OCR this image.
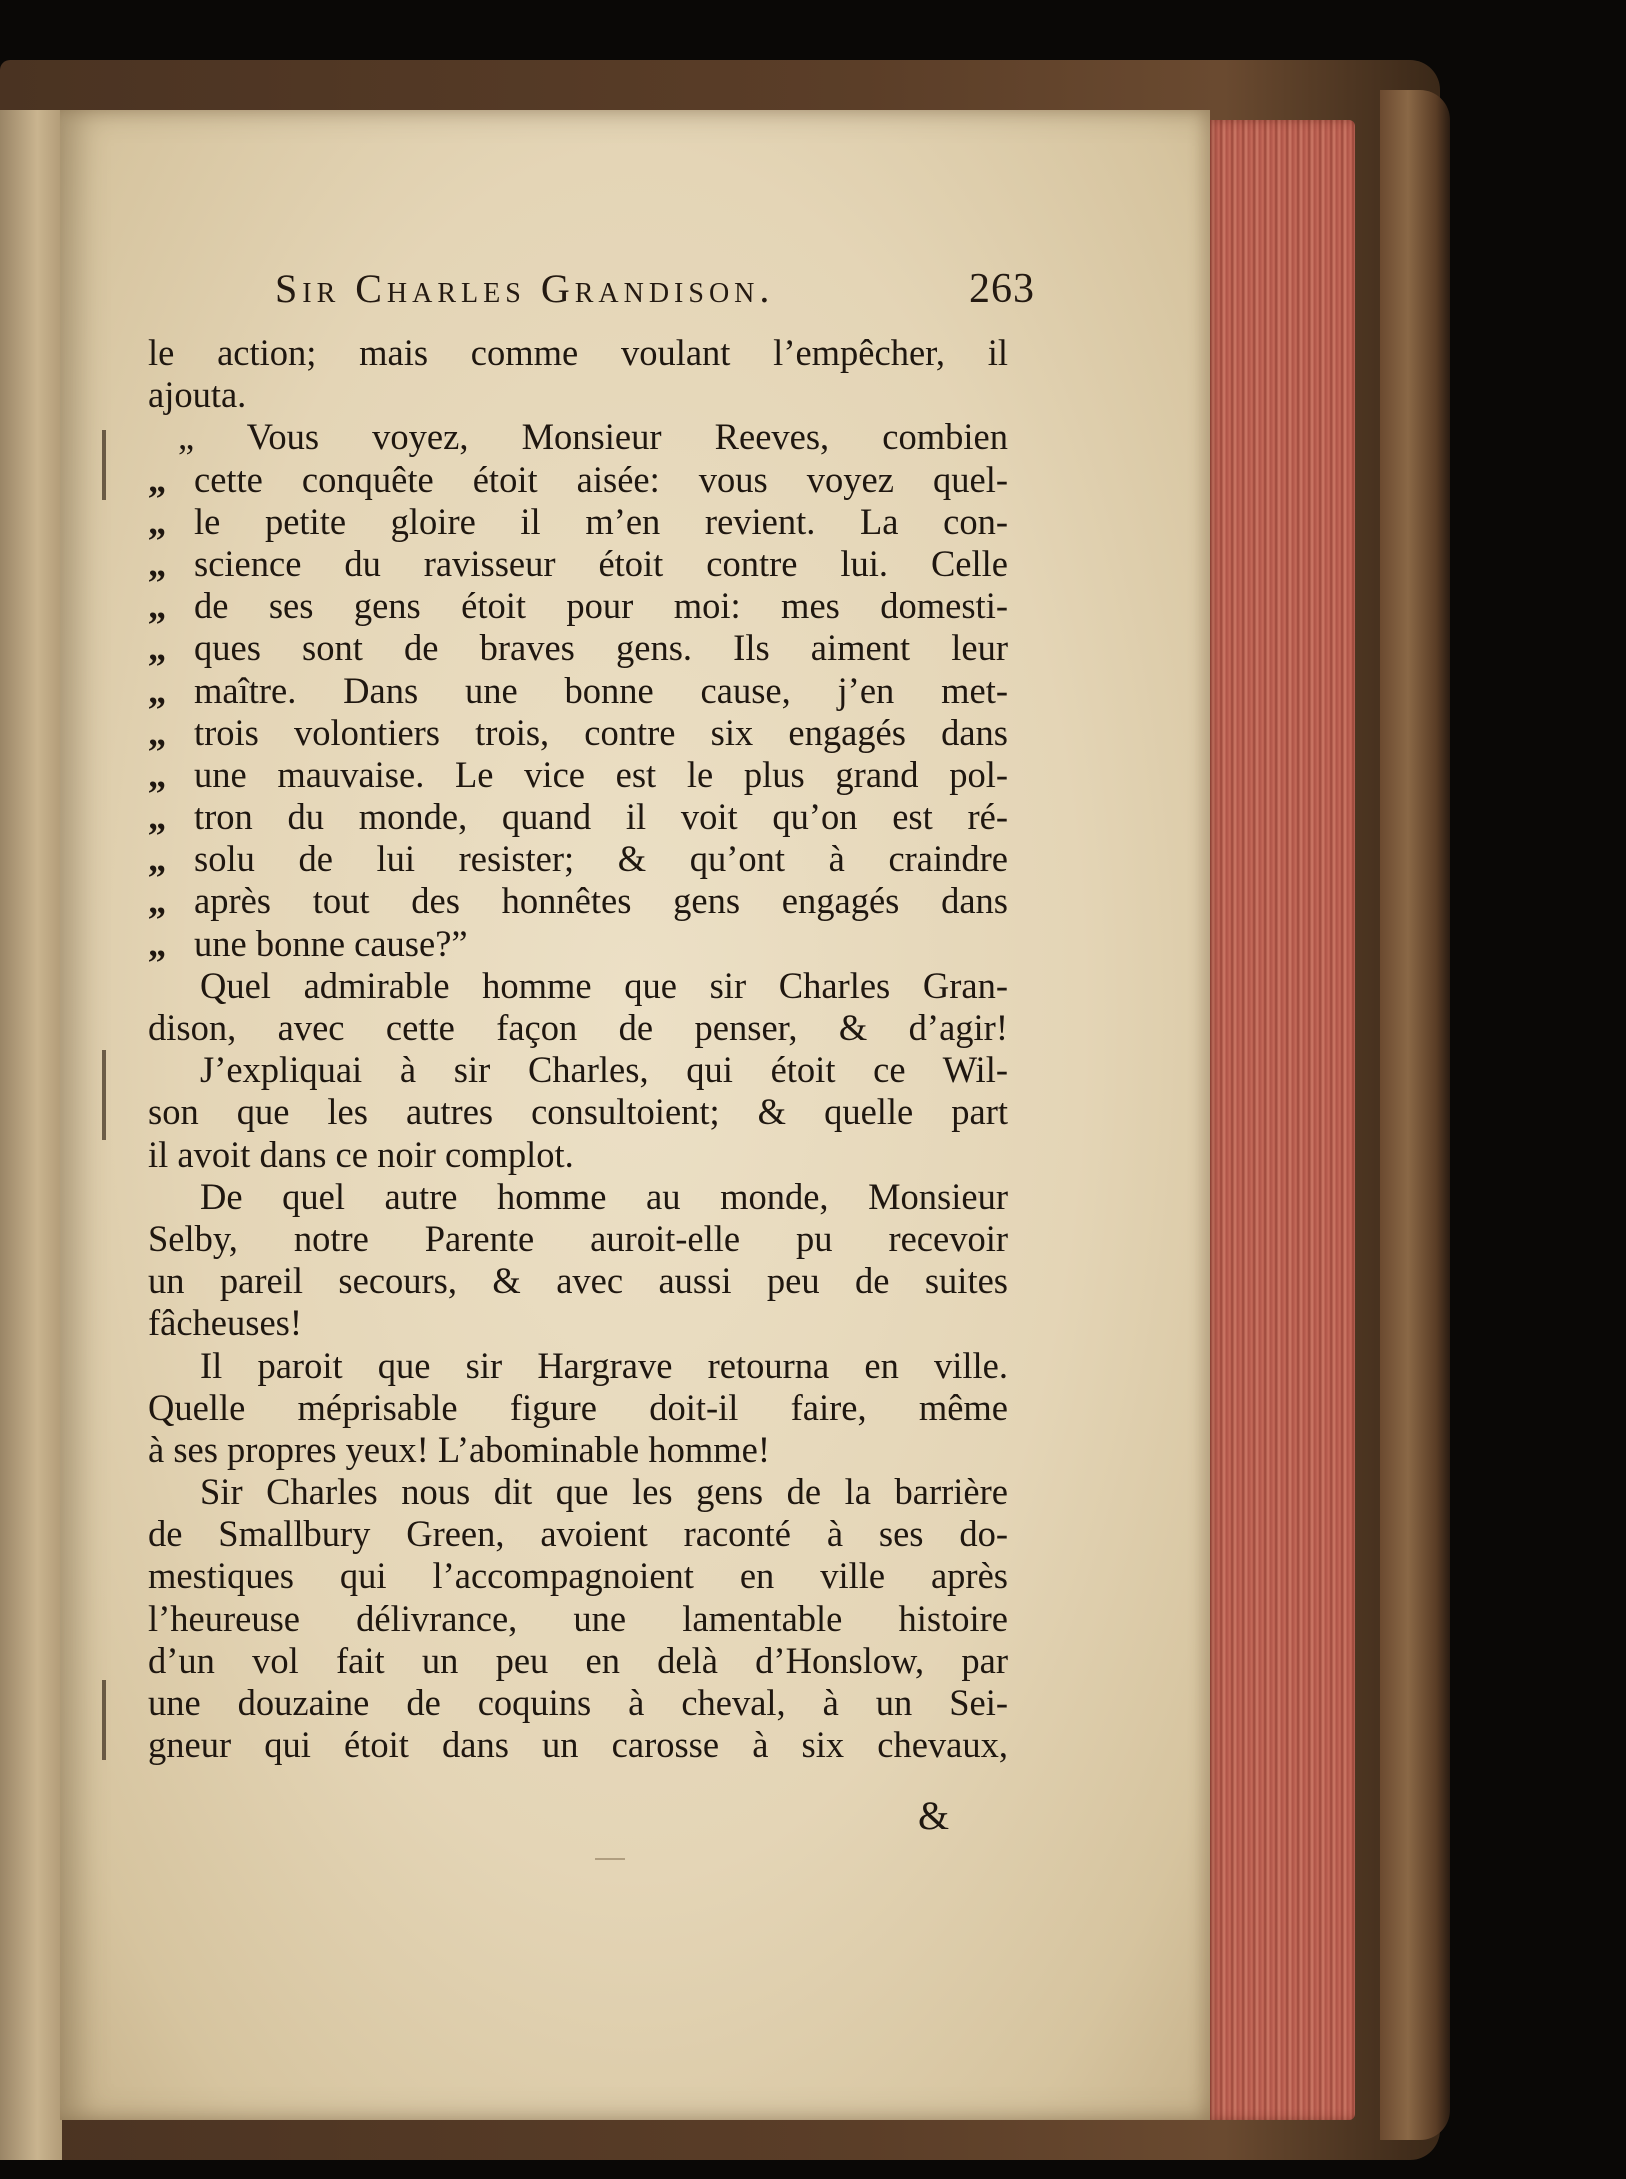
Sir Charles Grandison.	263
le action; mais comme voulant l’empêcher, il
ajouta.
„ Vous voyez, Monsieur Reeves, combien
„ cette conquête étoit aisée: vous voyez quel-
„ le petite gloire il m’en revient. La con-
„ science du ravisseur étoit contre lui. Celle
„ de ses gens étoit pour moi: mes domesti-
„ ques sont de braves gens. Ils aiment leur
„ maître. Dans une bonne cause, j’en met-
„ trois volontiers trois, contre six engagés dans
„ une mauvaise. Le vice est le plus grand pol-
„ tron du monde, quand il voit qu’on est ré-
„ solu de lui resister; & qu’ont à craindre
„ après tout des honnêtes gens engagés dans
„ une bonne cause?”
Quel admirable homme que sir Charles Gran-
dison, avec cette façon de penser, & d’agir!
J’expliquai à sir Charles, qui étoit ce Wil-
son que les autres consultoient; & quelle part
il avoit dans ce noir complot.
De quel autre homme au monde, Monsieur
Selby, notre Parente auroit-elle pu recevoir
un pareil secours, & avec aussi peu de suites
fâcheuses!
Il paroit que sir Hargrave retourna en ville.
Quelle méprisable figure doit-il faire, même
à ses propres yeux! L’abominable homme!
Sir Charles nous dit que les gens de la barrière
de Smallbury Green, avoient raconté à ses do-
mestiques qui l’accompagnoient en ville après
l’heureuse délivrance, une lamentable histoire
d’un vol fait un peu en delà d’Honslow, par
une douzaine de coquins à cheval, à un Sei-
gneur qui étoit dans un carosse à six chevaux,
&
